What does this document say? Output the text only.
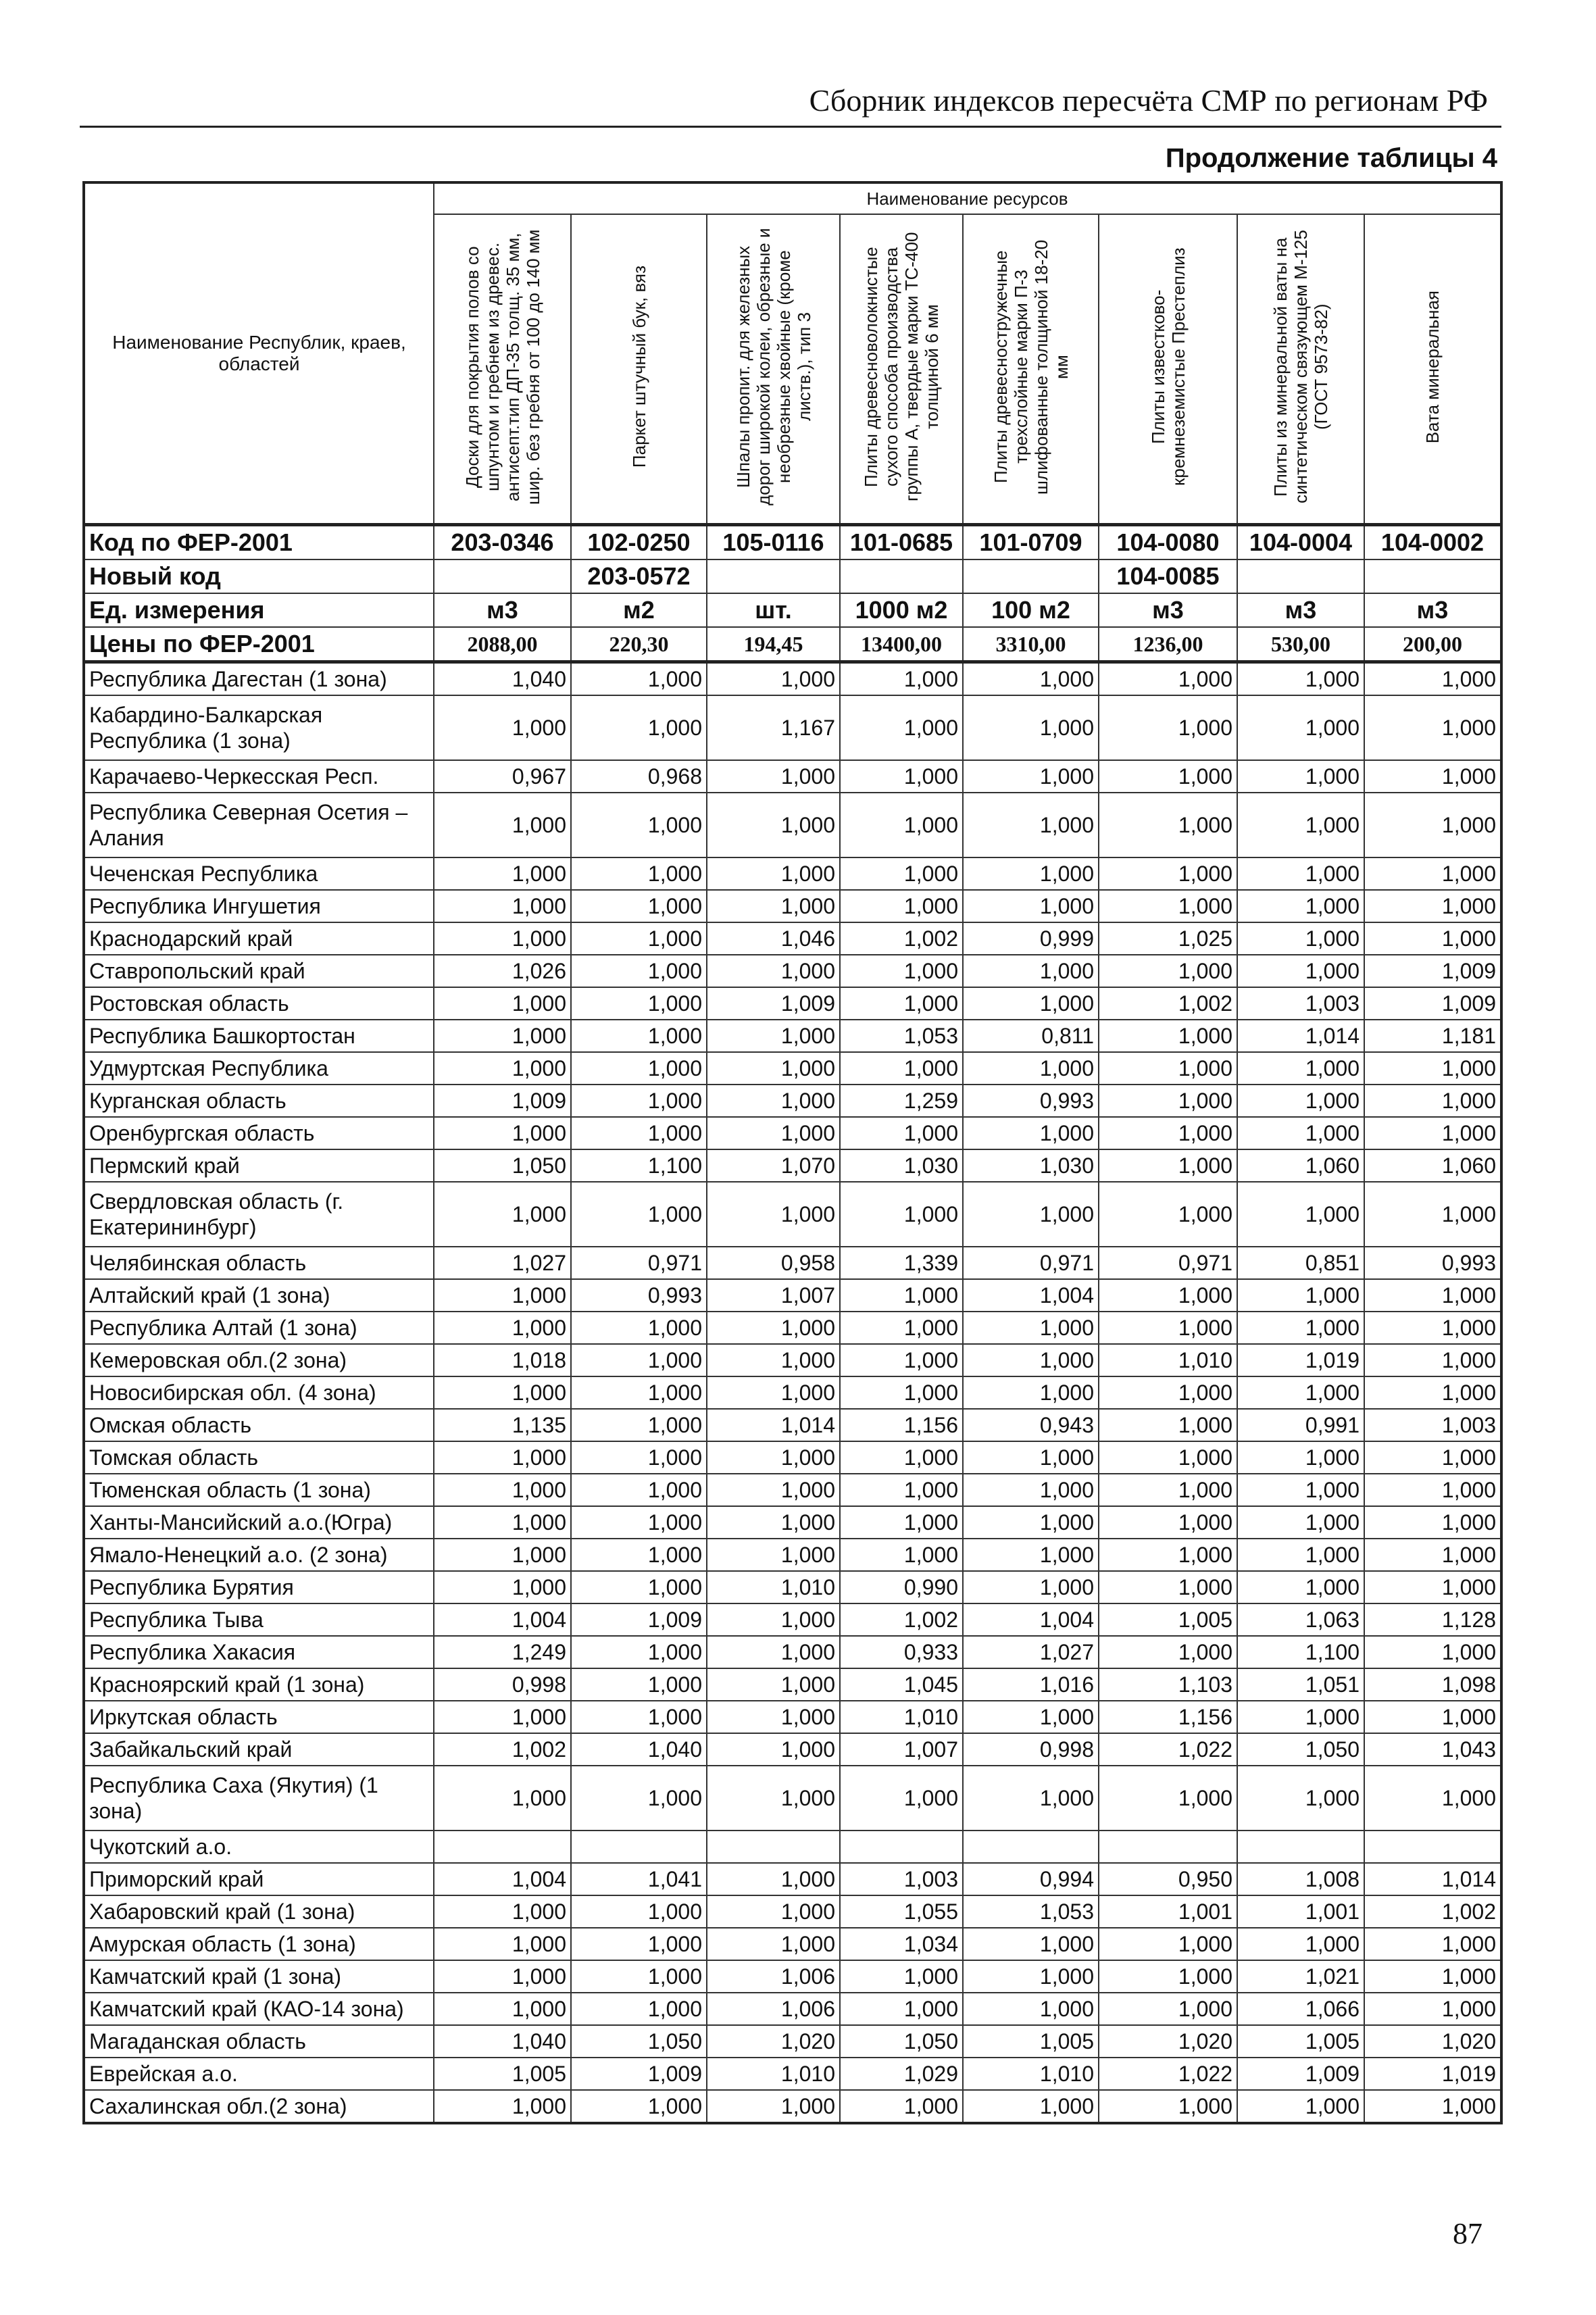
Сборник индексов пересчёта СМР по регионам РФ
Продолжение таблицы 4
Наименование Республик, краев, областей	Наименование ресурсов							
	Доски для покрытия полов со шпунтом и гребнем из древес. антисепт.тип ДП-35 толщ. 35 мм, шир. без гребня от 100 до 140 мм	Паркет штучный бук, вяз	Шпалы пропит. для железных дорог широкой колеи, обрезные и необрезные хвойные (кроме листв.), тип 3	Плиты древесноволокнистые сухого способа производства группы А, твердые марки ТС-400 толщиной 6 мм	Плиты древесностружечные трехслойные марки П-3 шлифованные толщиной 18-20 мм	Плиты известково-кремнеземистые Престеплиз	Плиты из минеральной ваты на синтетическом связующем М-125 (ГОСТ 9573-82)	Вата минеральная
Код по ФЕР-2001	203-0346	102-0250	105-0116	101-0685	101-0709	104-0080	104-0004	104-0002
Новый код		203-0572				104-0085		
Ед. измерения	м3	м2	шт.	1000 м2	100 м2	м3	м3	м3
Цены по ФЕР-2001	2088,00	220,30	194,45	13400,00	3310,00	1236,00	530,00	200,00
Республика Дагестан (1 зона)	1,040	1,000	1,000	1,000	1,000	1,000	1,000	1,000
Кабардино-Балкарская Республика (1 зона)	1,000	1,000	1,167	1,000	1,000	1,000	1,000	1,000
Карачаево-Черкесская Респ.	0,967	0,968	1,000	1,000	1,000	1,000	1,000	1,000
Республика Северная Осетия – Алания	1,000	1,000	1,000	1,000	1,000	1,000	1,000	1,000
Чеченская Республика	1,000	1,000	1,000	1,000	1,000	1,000	1,000	1,000
Республика Ингушетия	1,000	1,000	1,000	1,000	1,000	1,000	1,000	1,000
Краснодарский край	1,000	1,000	1,046	1,002	0,999	1,025	1,000	1,000
Ставропольский край	1,026	1,000	1,000	1,000	1,000	1,000	1,000	1,009
Ростовская область	1,000	1,000	1,009	1,000	1,000	1,002	1,003	1,009
Республика Башкортостан	1,000	1,000	1,000	1,053	0,811	1,000	1,014	1,181
Удмуртская Республика	1,000	1,000	1,000	1,000	1,000	1,000	1,000	1,000
Курганская область	1,009	1,000	1,000	1,259	0,993	1,000	1,000	1,000
Оренбургская область	1,000	1,000	1,000	1,000	1,000	1,000	1,000	1,000
Пермский край	1,050	1,100	1,070	1,030	1,030	1,000	1,060	1,060
Свердловская область (г. Екатерининбург)	1,000	1,000	1,000	1,000	1,000	1,000	1,000	1,000
Челябинская область	1,027	0,971	0,958	1,339	0,971	0,971	0,851	0,993
Алтайский край (1 зона)	1,000	0,993	1,007	1,000	1,004	1,000	1,000	1,000
Республика Алтай (1 зона)	1,000	1,000	1,000	1,000	1,000	1,000	1,000	1,000
Кемеровская обл.(2 зона)	1,018	1,000	1,000	1,000	1,000	1,010	1,019	1,000
Новосибирская обл. (4 зона)	1,000	1,000	1,000	1,000	1,000	1,000	1,000	1,000
Омская область	1,135	1,000	1,014	1,156	0,943	1,000	0,991	1,003
Томская область	1,000	1,000	1,000	1,000	1,000	1,000	1,000	1,000
Тюменская область (1 зона)	1,000	1,000	1,000	1,000	1,000	1,000	1,000	1,000
Ханты-Мансийский а.о.(Югра)	1,000	1,000	1,000	1,000	1,000	1,000	1,000	1,000
Ямало-Ненецкий а.о. (2 зона)	1,000	1,000	1,000	1,000	1,000	1,000	1,000	1,000
Республика Бурятия	1,000	1,000	1,010	0,990	1,000	1,000	1,000	1,000
Республика Тыва	1,004	1,009	1,000	1,002	1,004	1,005	1,063	1,128
Республика Хакасия	1,249	1,000	1,000	0,933	1,027	1,000	1,100	1,000
Красноярский край (1 зона)	0,998	1,000	1,000	1,045	1,016	1,103	1,051	1,098
Иркутская область	1,000	1,000	1,000	1,010	1,000	1,156	1,000	1,000
Забайкальский край	1,002	1,040	1,000	1,007	0,998	1,022	1,050	1,043
Республика Саха (Якутия) (1 зона)	1,000	1,000	1,000	1,000	1,000	1,000	1,000	1,000
Чукотский а.о.								
Приморский край	1,004	1,041	1,000	1,003	0,994	0,950	1,008	1,014
Хабаровский край (1 зона)	1,000	1,000	1,000	1,055	1,053	1,001	1,001	1,002
Амурская область (1 зона)	1,000	1,000	1,000	1,034	1,000	1,000	1,000	1,000
Камчатский край (1 зона)	1,000	1,000	1,006	1,000	1,000	1,000	1,021	1,000
Камчатский край (КАО-14 зона)	1,000	1,000	1,006	1,000	1,000	1,000	1,066	1,000
Магаданская область	1,040	1,050	1,020	1,050	1,005	1,020	1,005	1,020
Еврейская а.о.	1,005	1,009	1,010	1,029	1,010	1,022	1,009	1,019
Сахалинская обл.(2 зона)	1,000	1,000	1,000	1,000	1,000	1,000	1,000	1,000
87
